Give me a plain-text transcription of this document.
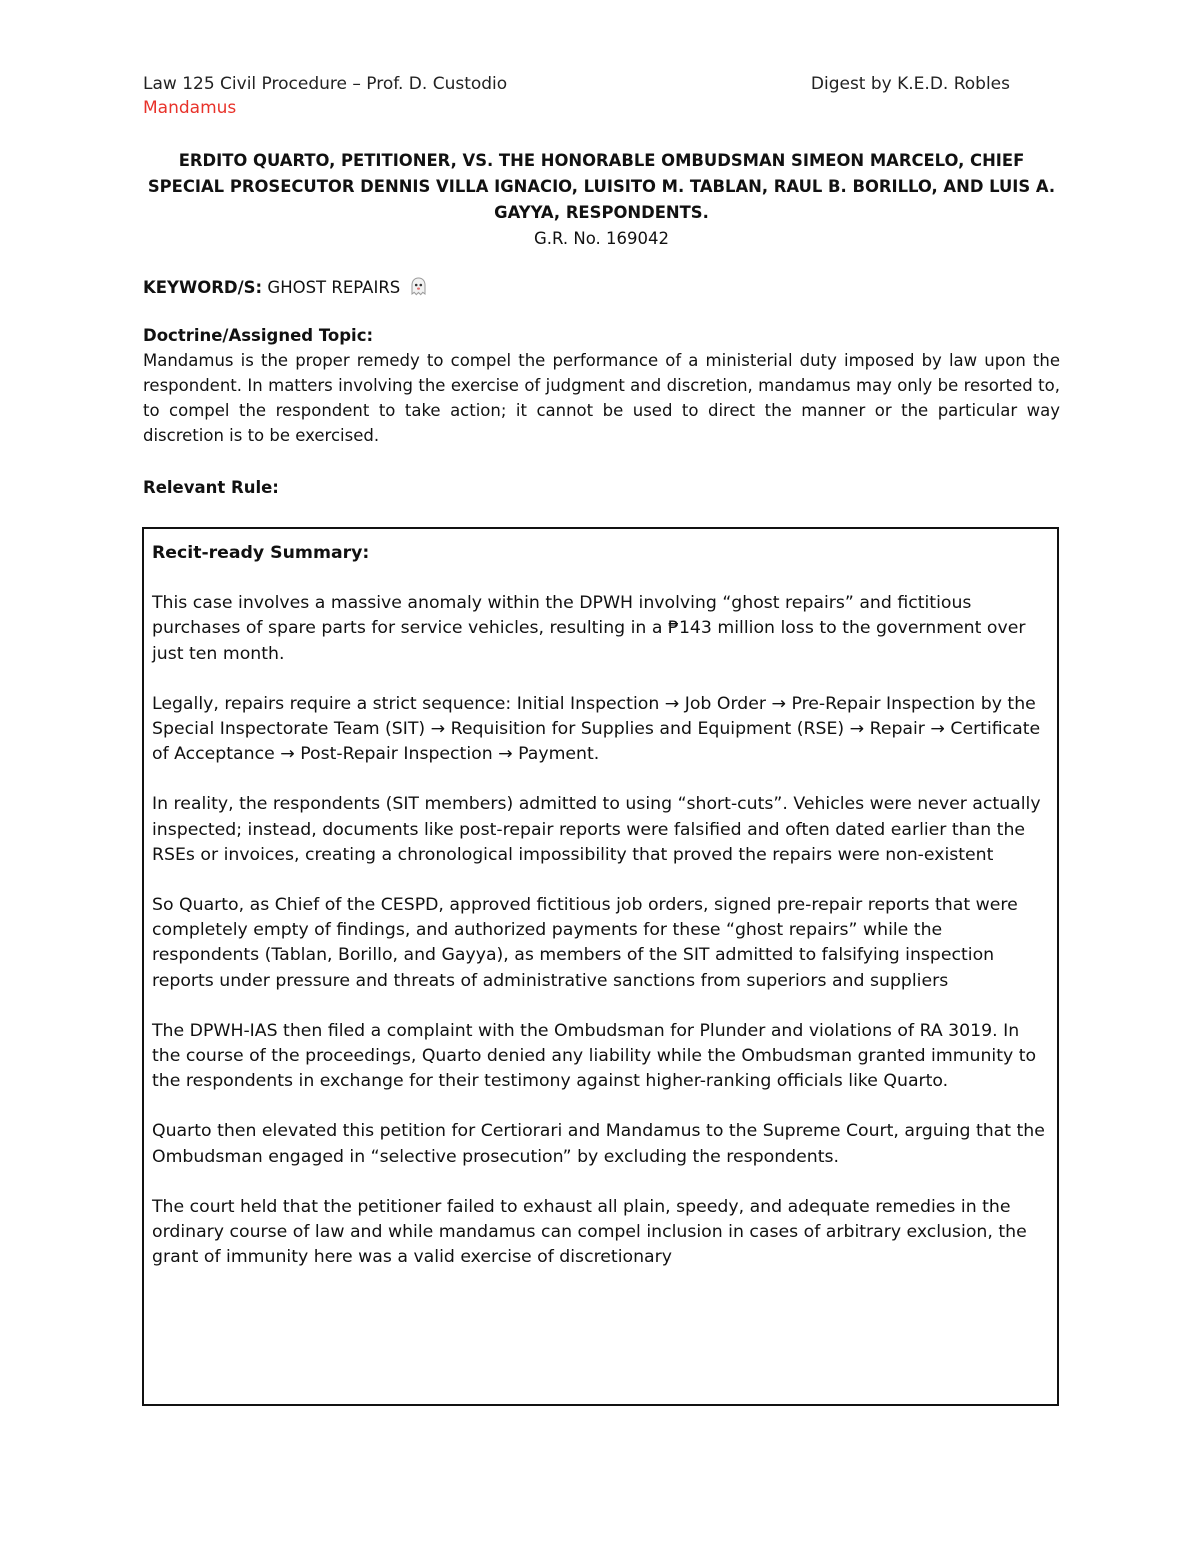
Law 125 Civil Procedure – Prof. D. Custodio	Digest by K.E.D. Robles

Mandamus

ERDITO QUARTO, PETITIONER, VS. THE HONORABLE OMBUDSMAN SIMEON MARCELO, CHIEF SPECIAL PROSECUTOR DENNIS VILLA IGNACIO, LUISITO M. TABLAN, RAUL B. BORILLO, AND LUIS A. GAYYA, RESPONDENTS.
G.R. No. 169042
KEYWORD/S: GHOST REPAIRS
Doctrine/Assigned Topic:

Mandamus is the proper remedy to compel the performance of a ministerial duty imposed by law upon the respondent. In matters involving the exercise of judgment and discretion, mandamus may only be resorted to, to compel the respondent to take action; it cannot be used to direct the manner or the particular way discretion is to be exercised.

Relevant Rule:

Recit-ready Summary:

This case involves a massive anomaly within the DPWH involving “ghost repairs” and fictitious purchases of spare parts for service vehicles, resulting in a ₱143 million loss to the government over just ten month.

Legally, repairs require a strict sequence: Initial Inspection → Job Order → Pre-Repair Inspection by the Special Inspectorate Team (SIT) → Requisition for Supplies and Equipment (RSE) → Repair → Certificate of Acceptance → Post-Repair Inspection → Payment.

In reality, the respondents (SIT members) admitted to using “short-cuts”. Vehicles were never actually inspected; instead, documents like post-repair reports were falsified and often dated earlier than the RSEs or invoices, creating a chronological impossibility that proved the repairs were non-existent

So Quarto, as Chief of the CESPD, approved fictitious job orders, signed pre-repair reports that were completely empty of findings, and authorized payments for these “ghost repairs” while the respondents (Tablan, Borillo, and Gayya), as members of the SIT admitted to falsifying inspection reports under pressure and threats of administrative sanctions from superiors and suppliers

The DPWH-IAS then filed a complaint with the Ombudsman for Plunder and violations of RA 3019. In the course of the proceedings, Quarto denied any liability while the Ombudsman granted immunity to the respondents in exchange for their testimony against higher-ranking officials like Quarto.

Quarto then elevated this petition for Certiorari and Mandamus to the Supreme Court, arguing that the Ombudsman engaged in “selective prosecution” by excluding the respondents.

The court held that the petitioner failed to exhaust all plain, speedy, and adequate remedies in the ordinary course of law and while mandamus can compel inclusion in cases of arbitrary exclusion, the grant of immunity here was a valid exercise of discretionary
